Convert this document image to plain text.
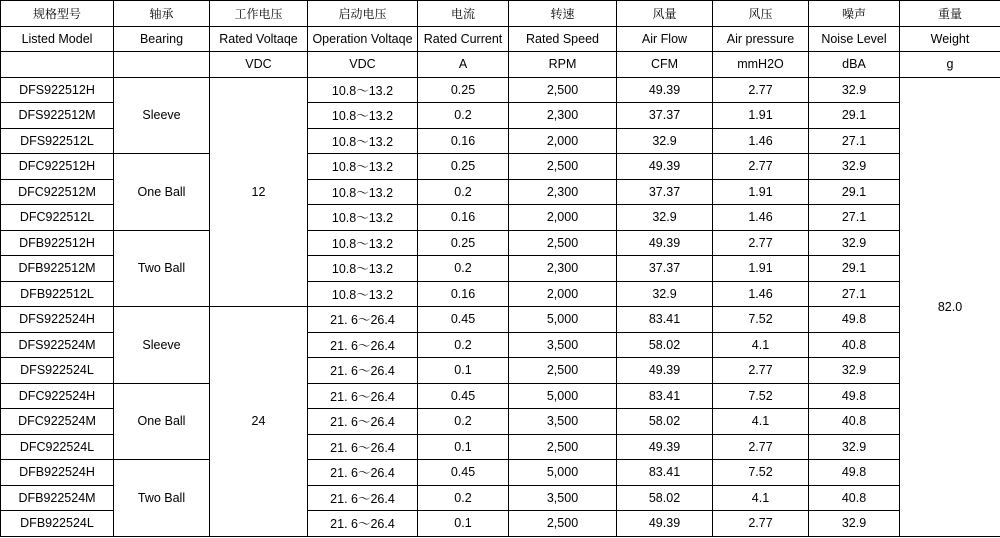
规格型号	轴承	工作电压	启动电压	电流	转速	风量	风压	噪声	重量
Listed Model	Bearing	Rated Voltaqe	Operation Voltaqe	Rated Current	Rated Speed	Air Flow	Air pressure	Noise Level	Weight
		VDC	VDC	A	RPM	CFM	mmH2O	dBA	g
DFS922512H	Sleeve	12	10.8～13.2	0.25	2,500	49.39	2.77	32.9	82.0
DFS922512M			10.8～13.2	0.2	2,300	37.37	1.91	29.1	
DFS922512L			10.8～13.2	0.16	2,000	32.9	1.46	27.1	
DFC922512H	One Ball		10.8～13.2	0.25	2,500	49.39	2.77	32.9	
DFC922512M			10.8～13.2	0.2	2,300	37.37	1.91	29.1	
DFC922512L			10.8～13.2	0.16	2,000	32.9	1.46	27.1	
DFB922512H	Two Ball		10.8～13.2	0.25	2,500	49.39	2.77	32.9	
DFB922512M			10.8～13.2	0.2	2,300	37.37	1.91	29.1	
DFB922512L			10.8～13.2	0.16	2,000	32.9	1.46	27.1	
DFS922524H	Sleeve	24	21. 6～26.4	0.45	5,000	83.41	7.52	49.8	
DFS922524M			21. 6～26.4	0.2	3,500	58.02	4.1	40.8	
DFS922524L			21. 6～26.4	0.1	2,500	49.39	2.77	32.9	
DFC922524H	One Ball		21. 6～26.4	0.45	5,000	83.41	7.52	49.8	
DFC922524M			21. 6～26.4	0.2	3,500	58.02	4.1	40.8	
DFC922524L			21. 6～26.4	0.1	2,500	49.39	2.77	32.9	
DFB922524H	Two Ball		21. 6～26.4	0.45	5,000	83.41	7.52	49.8	
DFB922524M			21. 6～26.4	0.2	3,500	58.02	4.1	40.8	
DFB922524L			21. 6～26.4	0.1	2,500	49.39	2.77	32.9	
